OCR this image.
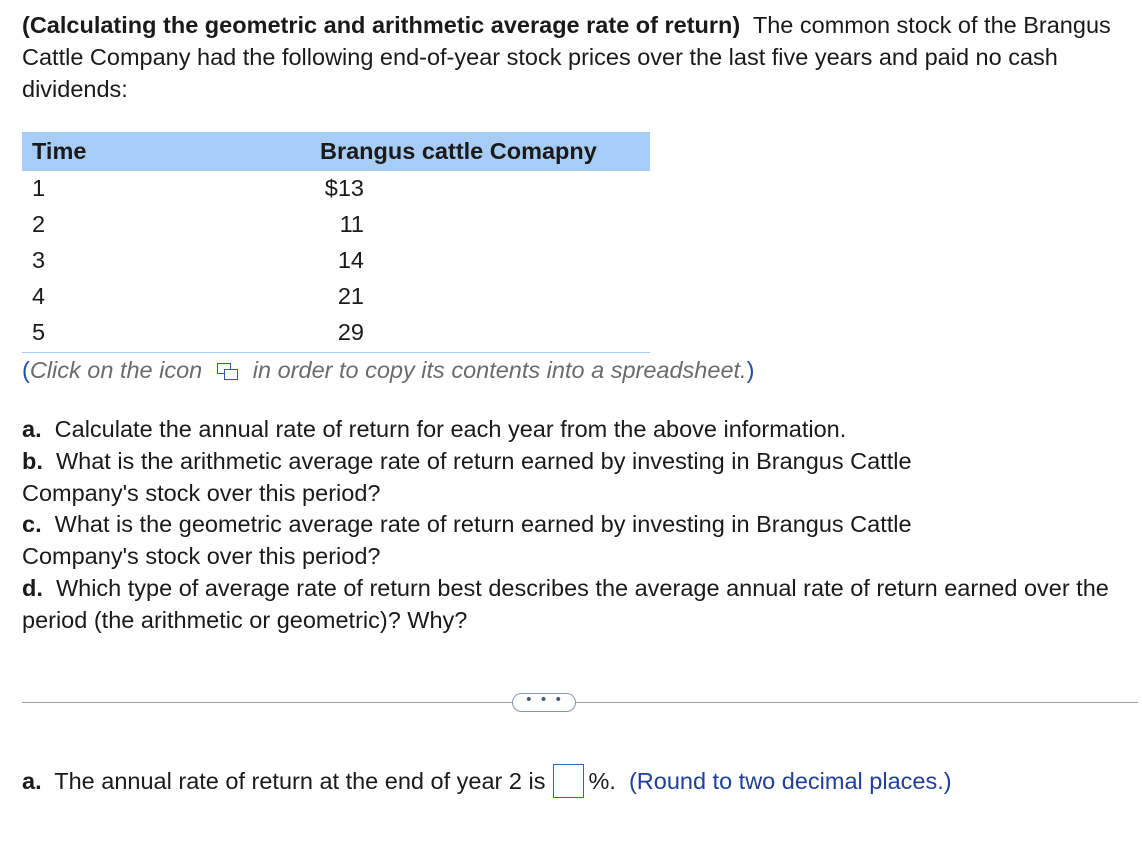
(Calculating the geometric and arithmetic average rate of return) The common stock of the Brangus Cattle Company had the following end-of-year stock prices over the last five years and paid no cash dividends:

Time	Brangus cattle Comapny
1	$13
2	11
3	14
4	21
5	29
(Click on the icon in order to copy its contents into a spreadsheet.)

a. Calculate the annual rate of return for each year from the above information.

b. What is the arithmetic average rate of return earned by investing in Brangus Cattle Company's stock over this period?

c. What is the geometric average rate of return earned by investing in Brangus Cattle Company's stock over this period?

d. Which type of average rate of return best describes the average annual rate of return earned over the period (the arithmetic or geometric)? Why?

• • •
a. The annual rate of return at the end of year 2 is %. (Round to two decimal places.)
